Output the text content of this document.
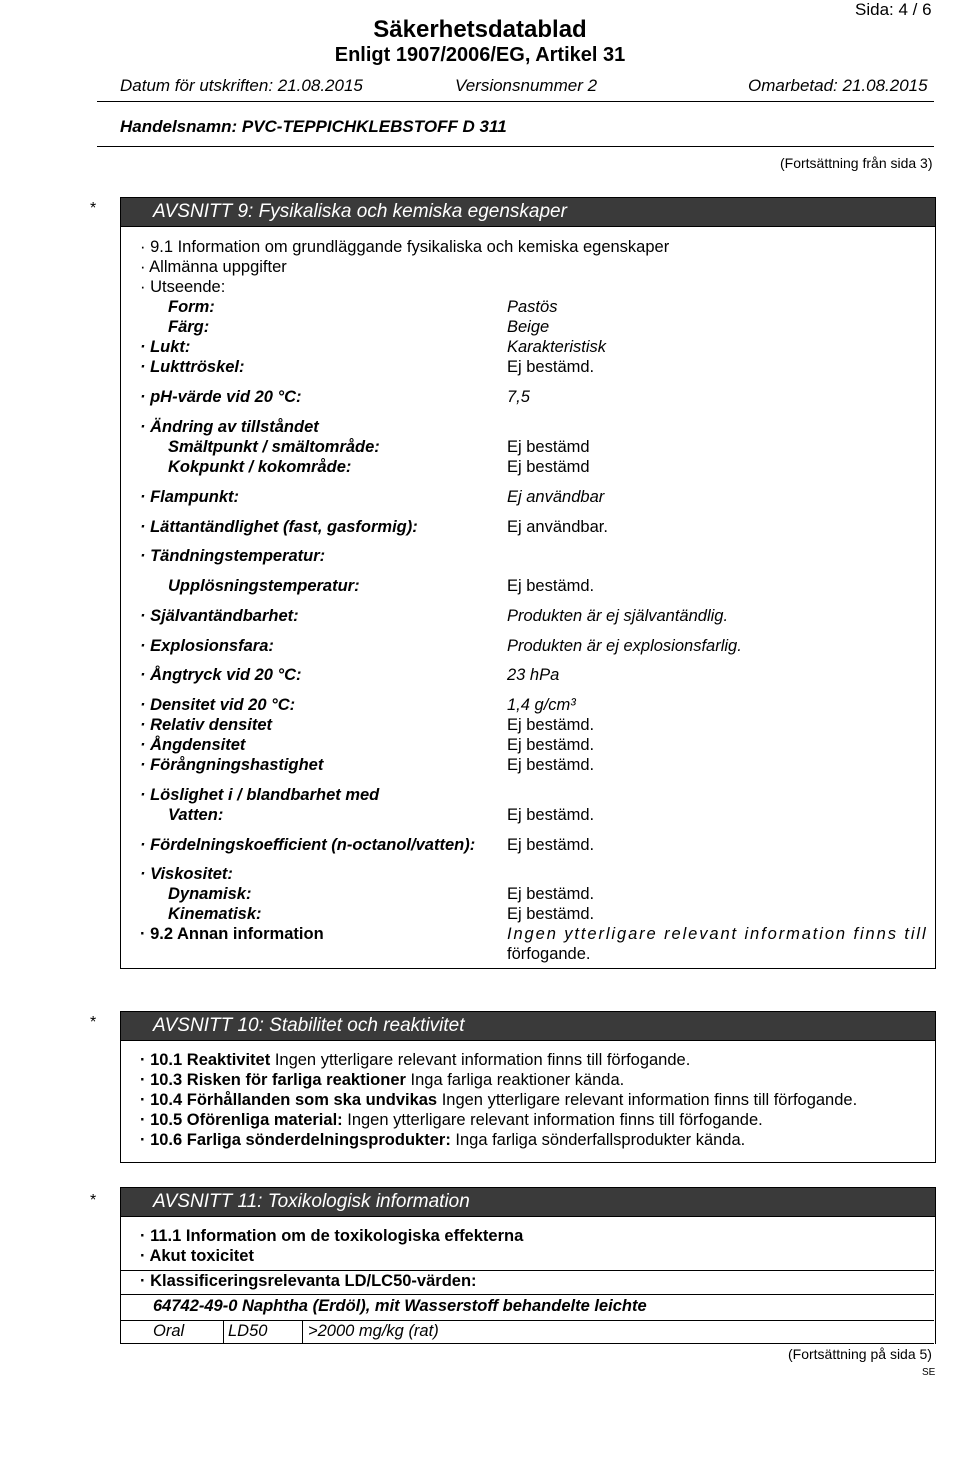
Sida: 4 / 6
Säkerhetsdatablad
Enligt 1907/2006/EG, Artikel 31
Datum för utskriften: 21.08.2015	Versionsnummer 2	Omarbetad: 21.08.2015
Handelsnamn: PVC-TEPPICHKLEBSTOFF D 311
(Fortsättning från sida 3)
*	AVSNITT 9: Fysikaliska och kemiska egenskaper
· 9.1 Information om grundläggande fysikaliska och kemiska egenskaper
· Allmänna uppgifter
· Utseende:
Form:	Pastös
Färg:	Beige
· Lukt:	Karakteristisk
· Lukttröskel:	Ej bestämd.
· pH-värde vid 20 °C:	7,5
· Ändring av tillståndet
Smältpunkt / smältområde:	Ej bestämd
Kokpunkt / kokområde:	Ej bestämd
· Flampunkt:	Ej användbar
· Lättantändlighet (fast, gasformig):	Ej användbar.
· Tändningstemperatur:
Upplösningstemperatur:	Ej bestämd.
· Självantändbarhet:	Produkten är ej självantändlig.
· Explosionsfara:	Produkten är ej explosionsfarlig.
· Ångtryck vid 20 °C:	23 hPa
· Densitet vid 20 °C:	1,4 g/cm³
· Relativ densitet	Ej bestämd.
· Ångdensitet	Ej bestämd.
· Förångningshastighet	Ej bestämd.
· Löslighet i / blandbarhet med
Vatten:	Ej bestämd.
· Fördelningskoefficient (n-octanol/vatten): Ej bestämd.
· Viskositet:
Dynamisk:	Ej bestämd.
Kinematisk:	Ej bestämd.
· 9.2 Annan information	Ingen ytterligare relevant information finns till
förfogande.
*	AVSNITT 10: Stabilitet och reaktivitet
· 10.1 Reaktivitet Ingen ytterligare relevant information finns till förfogande.
· 10.3 Risken för farliga reaktioner Inga farliga reaktioner kända.
· 10.4 Förhållanden som ska undvikas Ingen ytterligare relevant information finns till förfogande.
· 10.5 Oförenliga material: Ingen ytterligare relevant information finns till förfogande.
· 10.6 Farliga sönderdelningsprodukter: Inga farliga sönderfallsprodukter kända.
*	AVSNITT 11: Toxikologisk information
· 11.1 Information om de toxikologiska effekterna
· Akut toxicitet
· Klassificeringsrelevanta LD/LC50-värden:
64742-49-0 Naphtha (Erdöl), mit Wasserstoff behandelte leichte
Oral	LD50 >2000 mg/kg (rat)
(Fortsättning på sida 5)
SE
